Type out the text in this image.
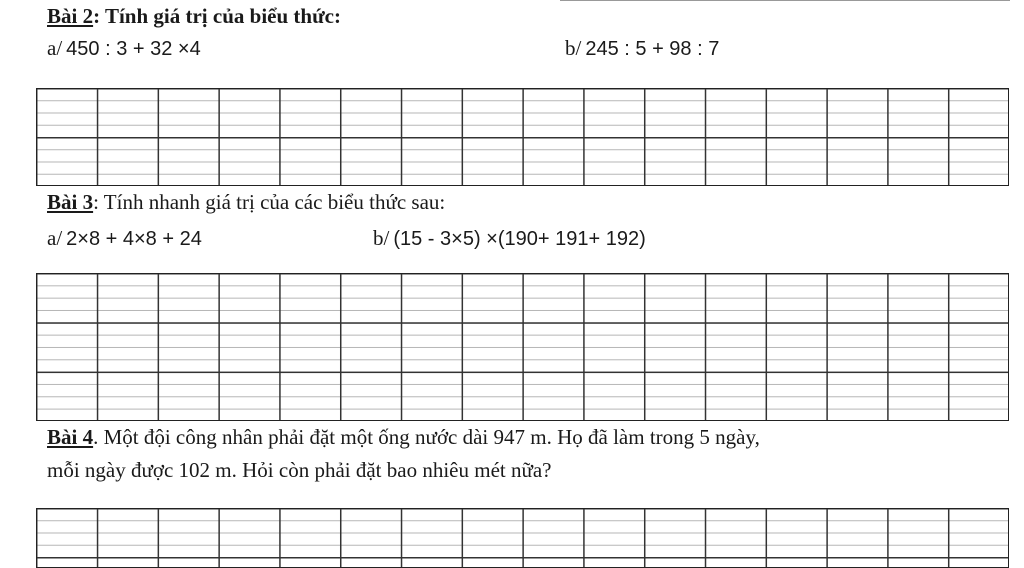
Bài 2: Tính giá trị của biểu thức:
a/ 450 : 3 + 32 ×4	b/ 245 : 5 + 98 : 7
Bài 3: Tính nhanh giá trị của các biểu thức sau:
a/ 2×8 + 4×8 + 24	b/ (15 - 3×5) ×(190+ 191+ 192)
Bài 4. Một đội công nhân phải đặt một ống nước dài 947 m. Họ đã làm trong 5 ngày,
mỗi ngày được 102 m. Hỏi còn phải đặt bao nhiêu mét nữa?
